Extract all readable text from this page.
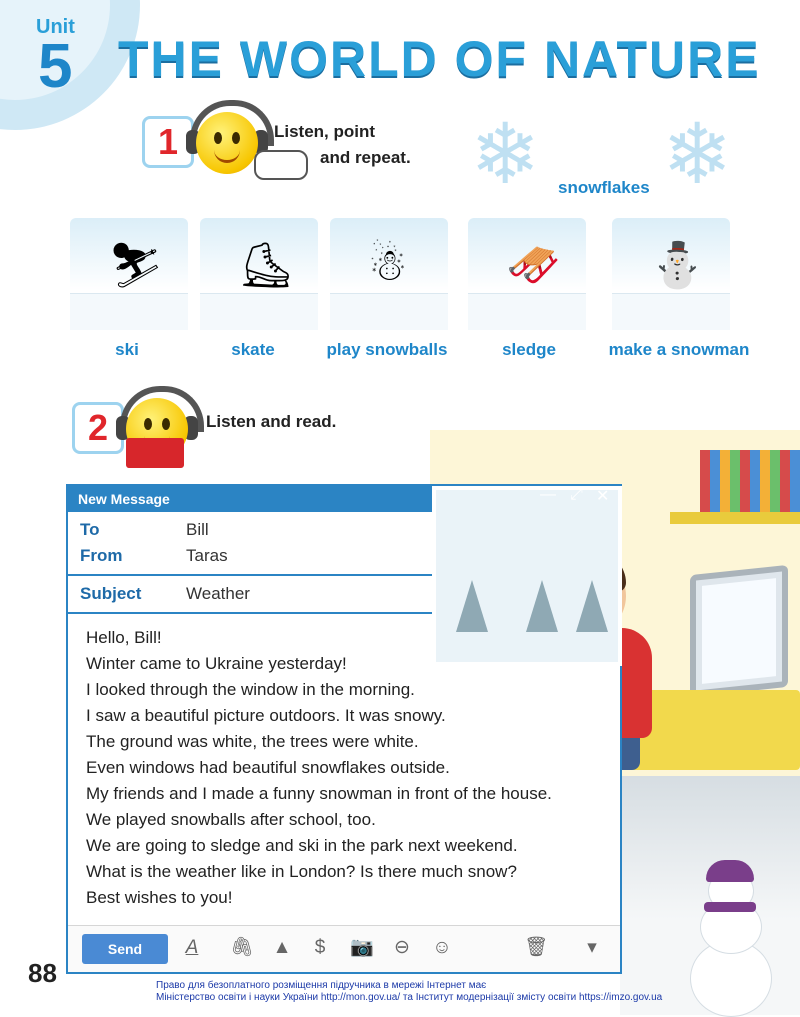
Unit
5 THE WORLD OF NATURE
1	Listen, point
and repeat. ❄ ❄
snowflakes
⛷ ⛸ ☃ 🛷 ⛄
ski	skate	play snowballs	sledge	make a snowman
2	Listen and read.
New Message	— ⤢ ✕
To	Bill
From	Taras
Subject	Weather
Hello, Bill!
Winter came to Ukraine yesterday!
I looked through the window in the morning.
I saw a beautiful picture outdoors. It was snowy.
The ground was white, the trees were white.
Even windows had beautiful snowflakes outside.
My friends and I made a funny snowman in front of the house.
We played snowballs after school, too.
We are going to sledge and ski in the park next weekend.
What is the weather like in London? Is there much snow?
Best wishes to you!
Send	A 🖇 ▲	$	📷 ⊖ ☺	🗑	▾
88	Право для безоплатного розміщення підручника в мережі Інтернет має
Міністерство освіти і науки України http://mon.gov.ua/ та Інститут модернізації змісту освіти https://imzo.gov.ua
